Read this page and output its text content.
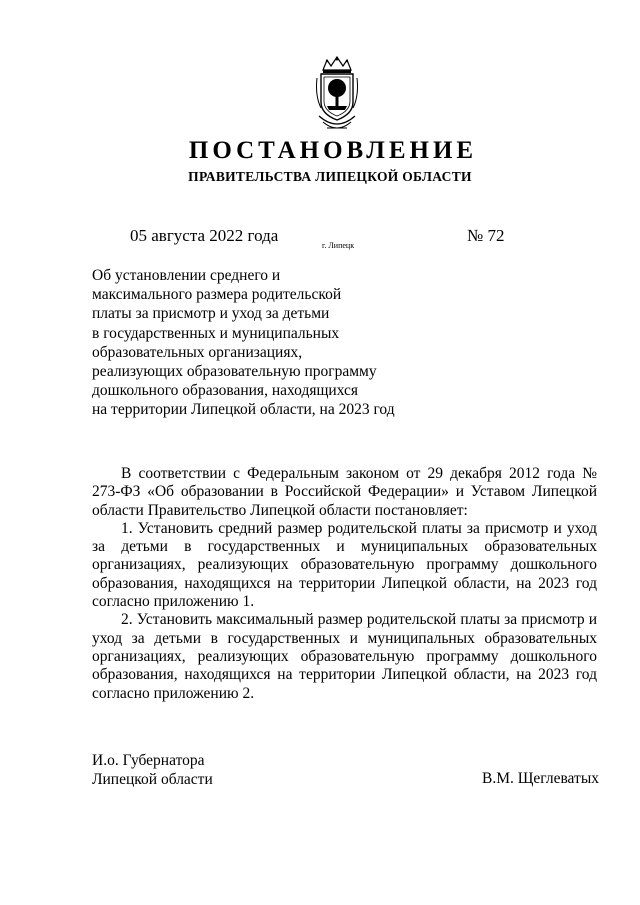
ПОСТАНОВЛЕНИЕ
ПРАВИТЕЛЬСТВА ЛИПЕЦКОЙ ОБЛАСТИ
05 августа 2022 года
г. Липецк
№ 72
Об установлении среднего и
максимального размера родительской
платы за присмотр и уход за детьми
в государственных и муниципальных
образовательных организациях,
реализующих образовательную программу
дошкольного образования, находящихся
на территории Липецкой области, на 2023 год

В соответствии с Федеральным законом от 29 декабря 2012 года № 273-ФЗ «Об образовании в Российской Федерации» и Уставом Липецкой области Правительство Липецкой области постановляет:

1. Установить средний размер родительской платы за присмотр и уход за детьми в государственных и муниципальных образовательных организациях, реализующих образовательную программу дошкольного образования, находящихся на территории Липецкой области, на 2023 год согласно приложению 1.

2. Установить максимальный размер родительской платы за присмотр и уход за детьми в государственных и муниципальных образовательных организациях, реализующих образовательную программу дошкольного образования, находящихся на территории Липецкой области, на 2023 год согласно приложению 2.

И.о. Губернатора
Липецкой области	В.М. Щеглеватых
